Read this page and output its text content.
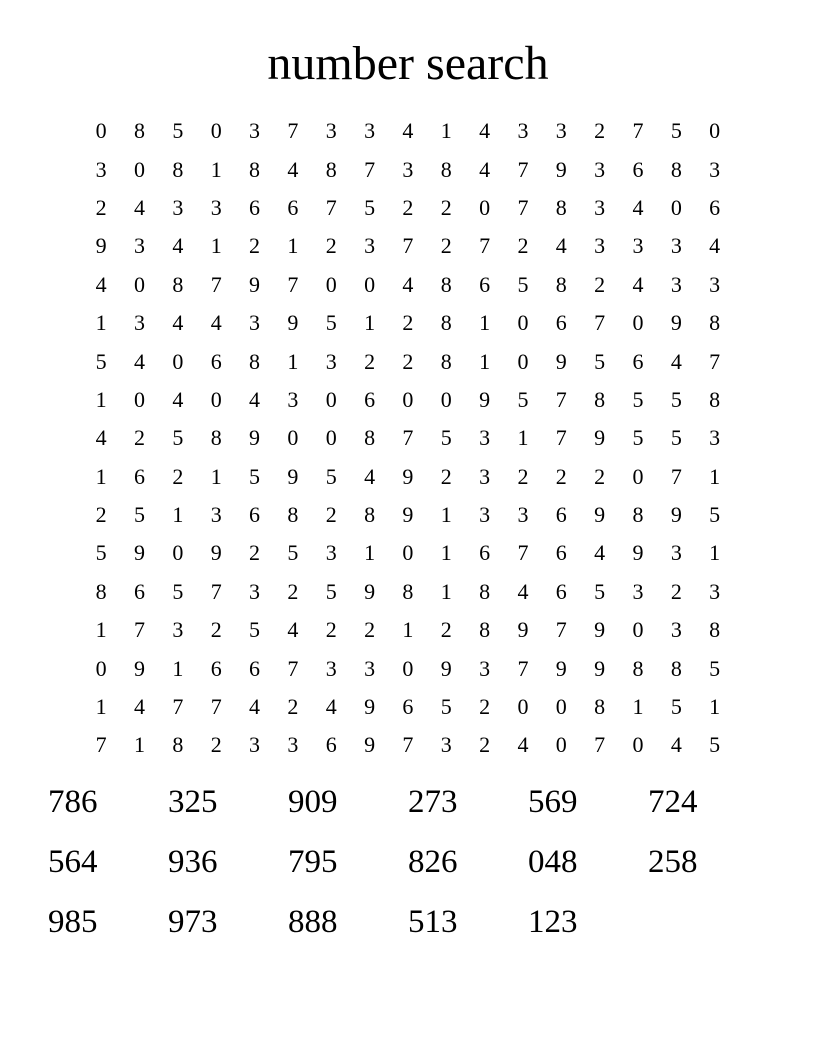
number search
0	8	5	0	3	7	3	3	4	1	4	3	3	2	7	5	0
3	0	8	1	8	4	8	7	3	8	4	7	9	3	6	8	3
2	4	3	3	6	6	7	5	2	2	0	7	8	3	4	0	6
9	3	4	1	2	1	2	3	7	2	7	2	4	3	3	3	4
4	0	8	7	9	7	0	0	4	8	6	5	8	2	4	3	3
1	3	4	4	3	9	5	1	2	8	1	0	6	7	0	9	8
5	4	0	6	8	1	3	2	2	8	1	0	9	5	6	4	7
1	0	4	0	4	3	0	6	0	0	9	5	7	8	5	5	8
4	2	5	8	9	0	0	8	7	5	3	1	7	9	5	5	3
1	6	2	1	5	9	5	4	9	2	3	2	2	2	0	7	1
2	5	1	3	6	8	2	8	9	1	3	3	6	9	8	9	5
5	9	0	9	2	5	3	1	0	1	6	7	6	4	9	3	1
8	6	5	7	3	2	5	9	8	1	8	4	6	5	3	2	3
1	7	3	2	5	4	2	2	1	2	8	9	7	9	0	3	8
0	9	1	6	6	7	3	3	0	9	3	7	9	9	8	8	5
1	4	7	7	4	2	4	9	6	5	2	0	0	8	1	5	1
7	1	8	2	3	3	6	9	7	3	2	4	0	7	0	4	5
786	325	909	273	569	724
564	936	795	826	048	258
985	973	888	513	123
